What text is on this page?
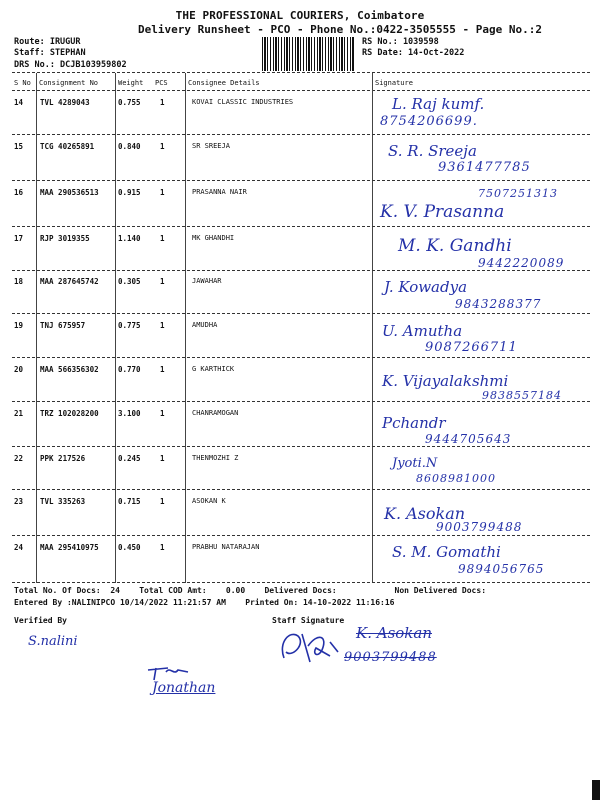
THE PROFESSIONAL COURIERS, Coimbatore
Delivery Runsheet - PCO - Phone No.:0422-3505555 - Page No.:2
Route: IRUGUR
Staff: STEPHAN
DRS No.: DCJB103959802
RS No.: 1039598
RS Date: 14-Oct-2022
S No Consignment No	Weight PCS	Consignee Details	Signature
14 TVL 4289043	0.755	1	KOVAI CLASSIC INDUSTRIES	L. Raj kumf.
8754206699.
15 TCG 40265891	0.840	1	SR SREEJA	S. R. Sreeja
9361477785
16 MAA 290536513	0.915	1	PRASANNA NAIR	7507251313
K. V. Prasanna
17 RJP 3019355	1.140	1	MK GHANDHI	M. K. Gandhi
9442220089
18 MAA 287645742	0.305	1	JAWAHAR	J. Kowadya
9843288377
19 TNJ 675957	0.775	1	AMUDHA	U. Amutha
9087266711
20 MAA 566356302	0.770	1	G KARTHICK
K. Vijayalakshmi
9838557184
21 TRZ 102028200	3.100	1	CHANRAMOGAN
Pchandr
9444705643
22 PPK 217526	0.245	1	THENMOZHI Z	Jyoti.N
8608981000
23 TVL 335263	0.715	1	ASOKAN K
K. Asokan
9003799488
24 MAA 295410975	0.450	1	PRABHU NATARAJAN	S. M. Gomathi
9894056765
Total No. Of Docs:  24    Total COD Amt:    0.00    Delivered Docs:            Non Delivered Docs:
Entered By :NALINIPCO 10/14/2022 11:21:57 AM    Printed On: 14-10-2022 11:16:16
Verified By	Staff Signature
S.nalini	K. Asokan
9003799488
Jonathan
